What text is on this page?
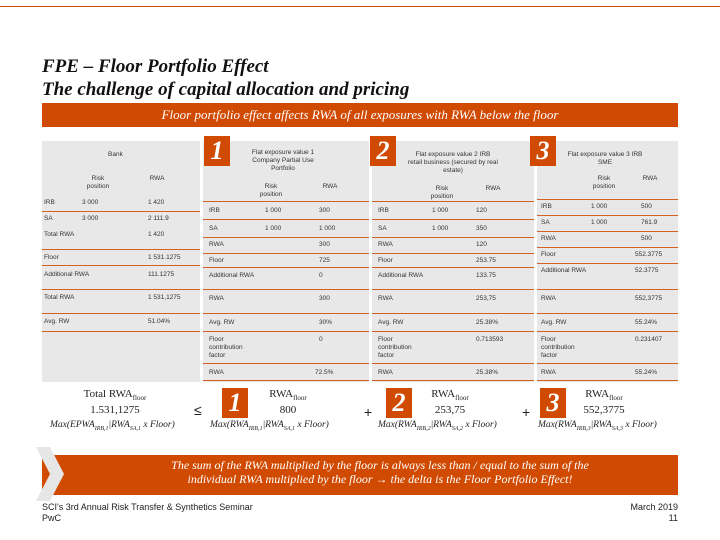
FPE – Floor Portfolio Effect
The challenge of capital allocation and pricing
Floor portfolio effect affects RWA of all exposures with RWA below the floor
Bank
Risk position
RWA
IRB	3 000	1 420
SA	3 000	2 111.9
Total RWA	1 420
Floor	1 531.1275
Additional RWA	111.1275
Total RWA	1 531,1275
Avg. RW	51.04%
Flat exposure value 1 Company Partial Use Portfolio
Risk position
RWA
IRB	1 000	300
SA	1 000	1 000
RWA	300
Floor	725
Additional RWA	0
RWA	300
Avg. RW	30%
Floor contribution factor
0
RWA	72.5%
1	Flat exposure value 2 IRB retail business (secured by real estate)
Risk position
RWA
IRB	1 000	120
SA	1 000	350
RWA	120
Floor	253.75
Additional RWA	133.75
RWA	253,75
Avg. RW	25.38%
Floor contribution factor
0.713593
RWA	25.38%
2	Flat exposure value 3 IRB SME
Risk position
RWA
IRB	1 000	500
SA	1 000	761.9
RWA	500
Floor	552.3775
Additional RWA	52.3775
RWA	552,3775
Avg. RW	55.24%
Floor contribution factor
0.231407
RWA	55.24%
3
Total $RWA_{floor}$
1.531,1275
$Max(EPWA_{IRB,1}|RWA_{SA,1}$ x Floor)
≤ 1	$RWA_{floor}$
800
$Max(RWA_{IRB,1}|RWA_{SA,1}$ x Floor)
+ 2	$RWA_{floor}$
253,75
$Max(RWA_{IRB,2}|RWA_{SA,2}$ x Floor)
+ 3	$RWA_{floor}$
552,3775
$Max(RWA_{IRB,3}|RWA_{SA,3}$ x Floor)
The sum of the RWA multiplied by the floor is always less than / equal to the sum of the
individual RWA multiplied by the floor → the delta is the Floor Portfolio Effect!
SCI's 3rd Annual Risk Transfer & Synthetics Seminar
PwC
March 2019
11
